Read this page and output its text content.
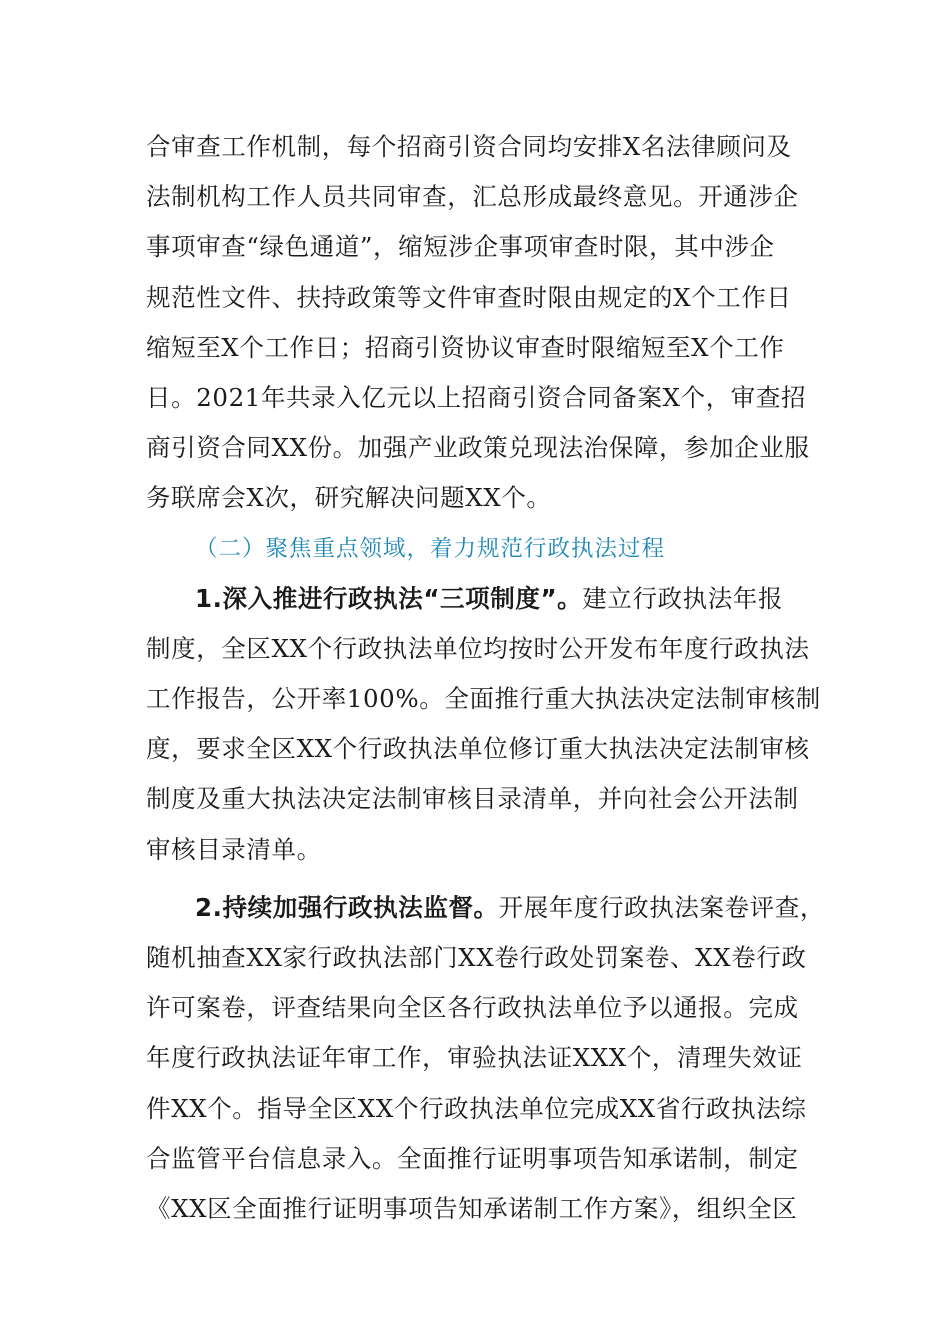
合审查工作机制，每个招商引资合同均安排X名法律顾问及
法制机构工作人员共同审查，汇总形成最终意见。开通涉企
事项审查“绿色通道”，缩短涉企事项审查时限，其中涉企
规范性文件、扶持政策等文件审查时限由规定的X个工作日
缩短至X个工作日；招商引资协议审查时限缩短至X个工作
日。2021年共录入亿元以上招商引资合同备案X个，审查招
商引资合同XX份。加强产业政策兑现法治保障，参加企业服
务联席会X次，研究解决问题XX个。
（二）聚焦重点领域，着力规范行政执法过程
1.深入推进行政执法“三项制度”。建立行政执法年报
制度，全区XX个行政执法单位均按时公开发布年度行政执法
工作报告，公开率100%。全面推行重大执法决定法制审核制
度，要求全区XX个行政执法单位修订重大执法决定法制审核
制度及重大执法决定法制审核目录清单，并向社会公开法制
审核目录清单。
2.持续加强行政执法监督。开展年度行政执法案卷评查，
随机抽查XX家行政执法部门XX卷行政处罚案卷、XX卷行政
许可案卷，评查结果向全区各行政执法单位予以通报。完成
年度行政执法证年审工作，审验执法证XXX个，清理失效证
件XX个。指导全区XX个行政执法单位完成XX省行政执法综
合监管平台信息录入。全面推行证明事项告知承诺制，制定
《XX区全面推行证明事项告知承诺制工作方案》，组织全区
